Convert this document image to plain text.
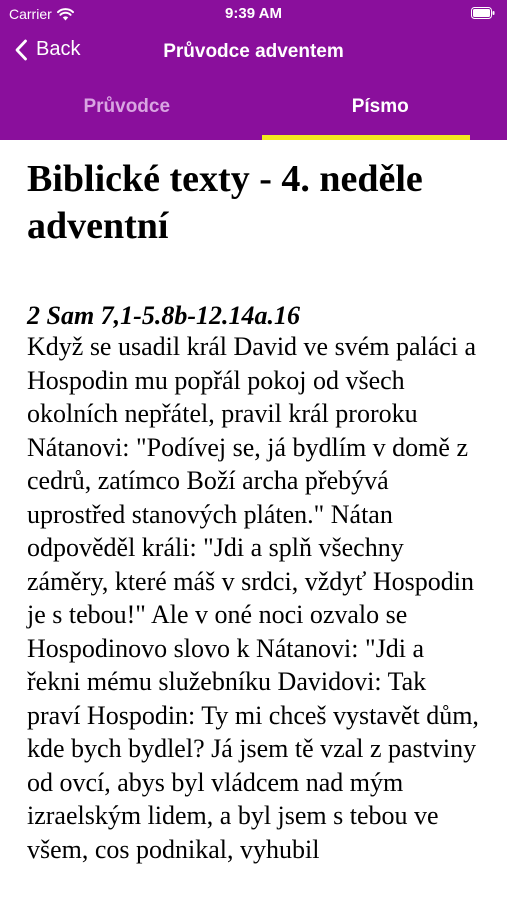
Carrier	9:39 AM
Back	Průvodce adventem
Průvodce	Písmo
Biblické texty - 4. neděle adventní

2 Sam 7,1-5.8b-12.14a.16

Když se usadil král David ve svém paláci a Hospodin mu popřál pokoj od všech okolních nepřátel, pravil král proroku Nátanovi: "Podívej se, já bydlím v domě z cedrů, zatímco Boží archa přebývá uprostřed stanových pláten." Nátan odpověděl králi: "Jdi a splň všechny záměry, které máš v srdci, vždyť Hospodin je s tebou!" Ale v oné noci ozvalo se Hospodinovo slovo k Nátanovi: "Jdi a řekni mému služebníku Davidovi: Tak praví Hospodin: Ty mi chceš vystavět dům, kde bych bydlel? Já jsem tě vzal z pastviny od ovcí, abys byl vládcem nad mým izraelským lidem, a byl jsem s tebou ve všem, cos podnikal, vyhubil
